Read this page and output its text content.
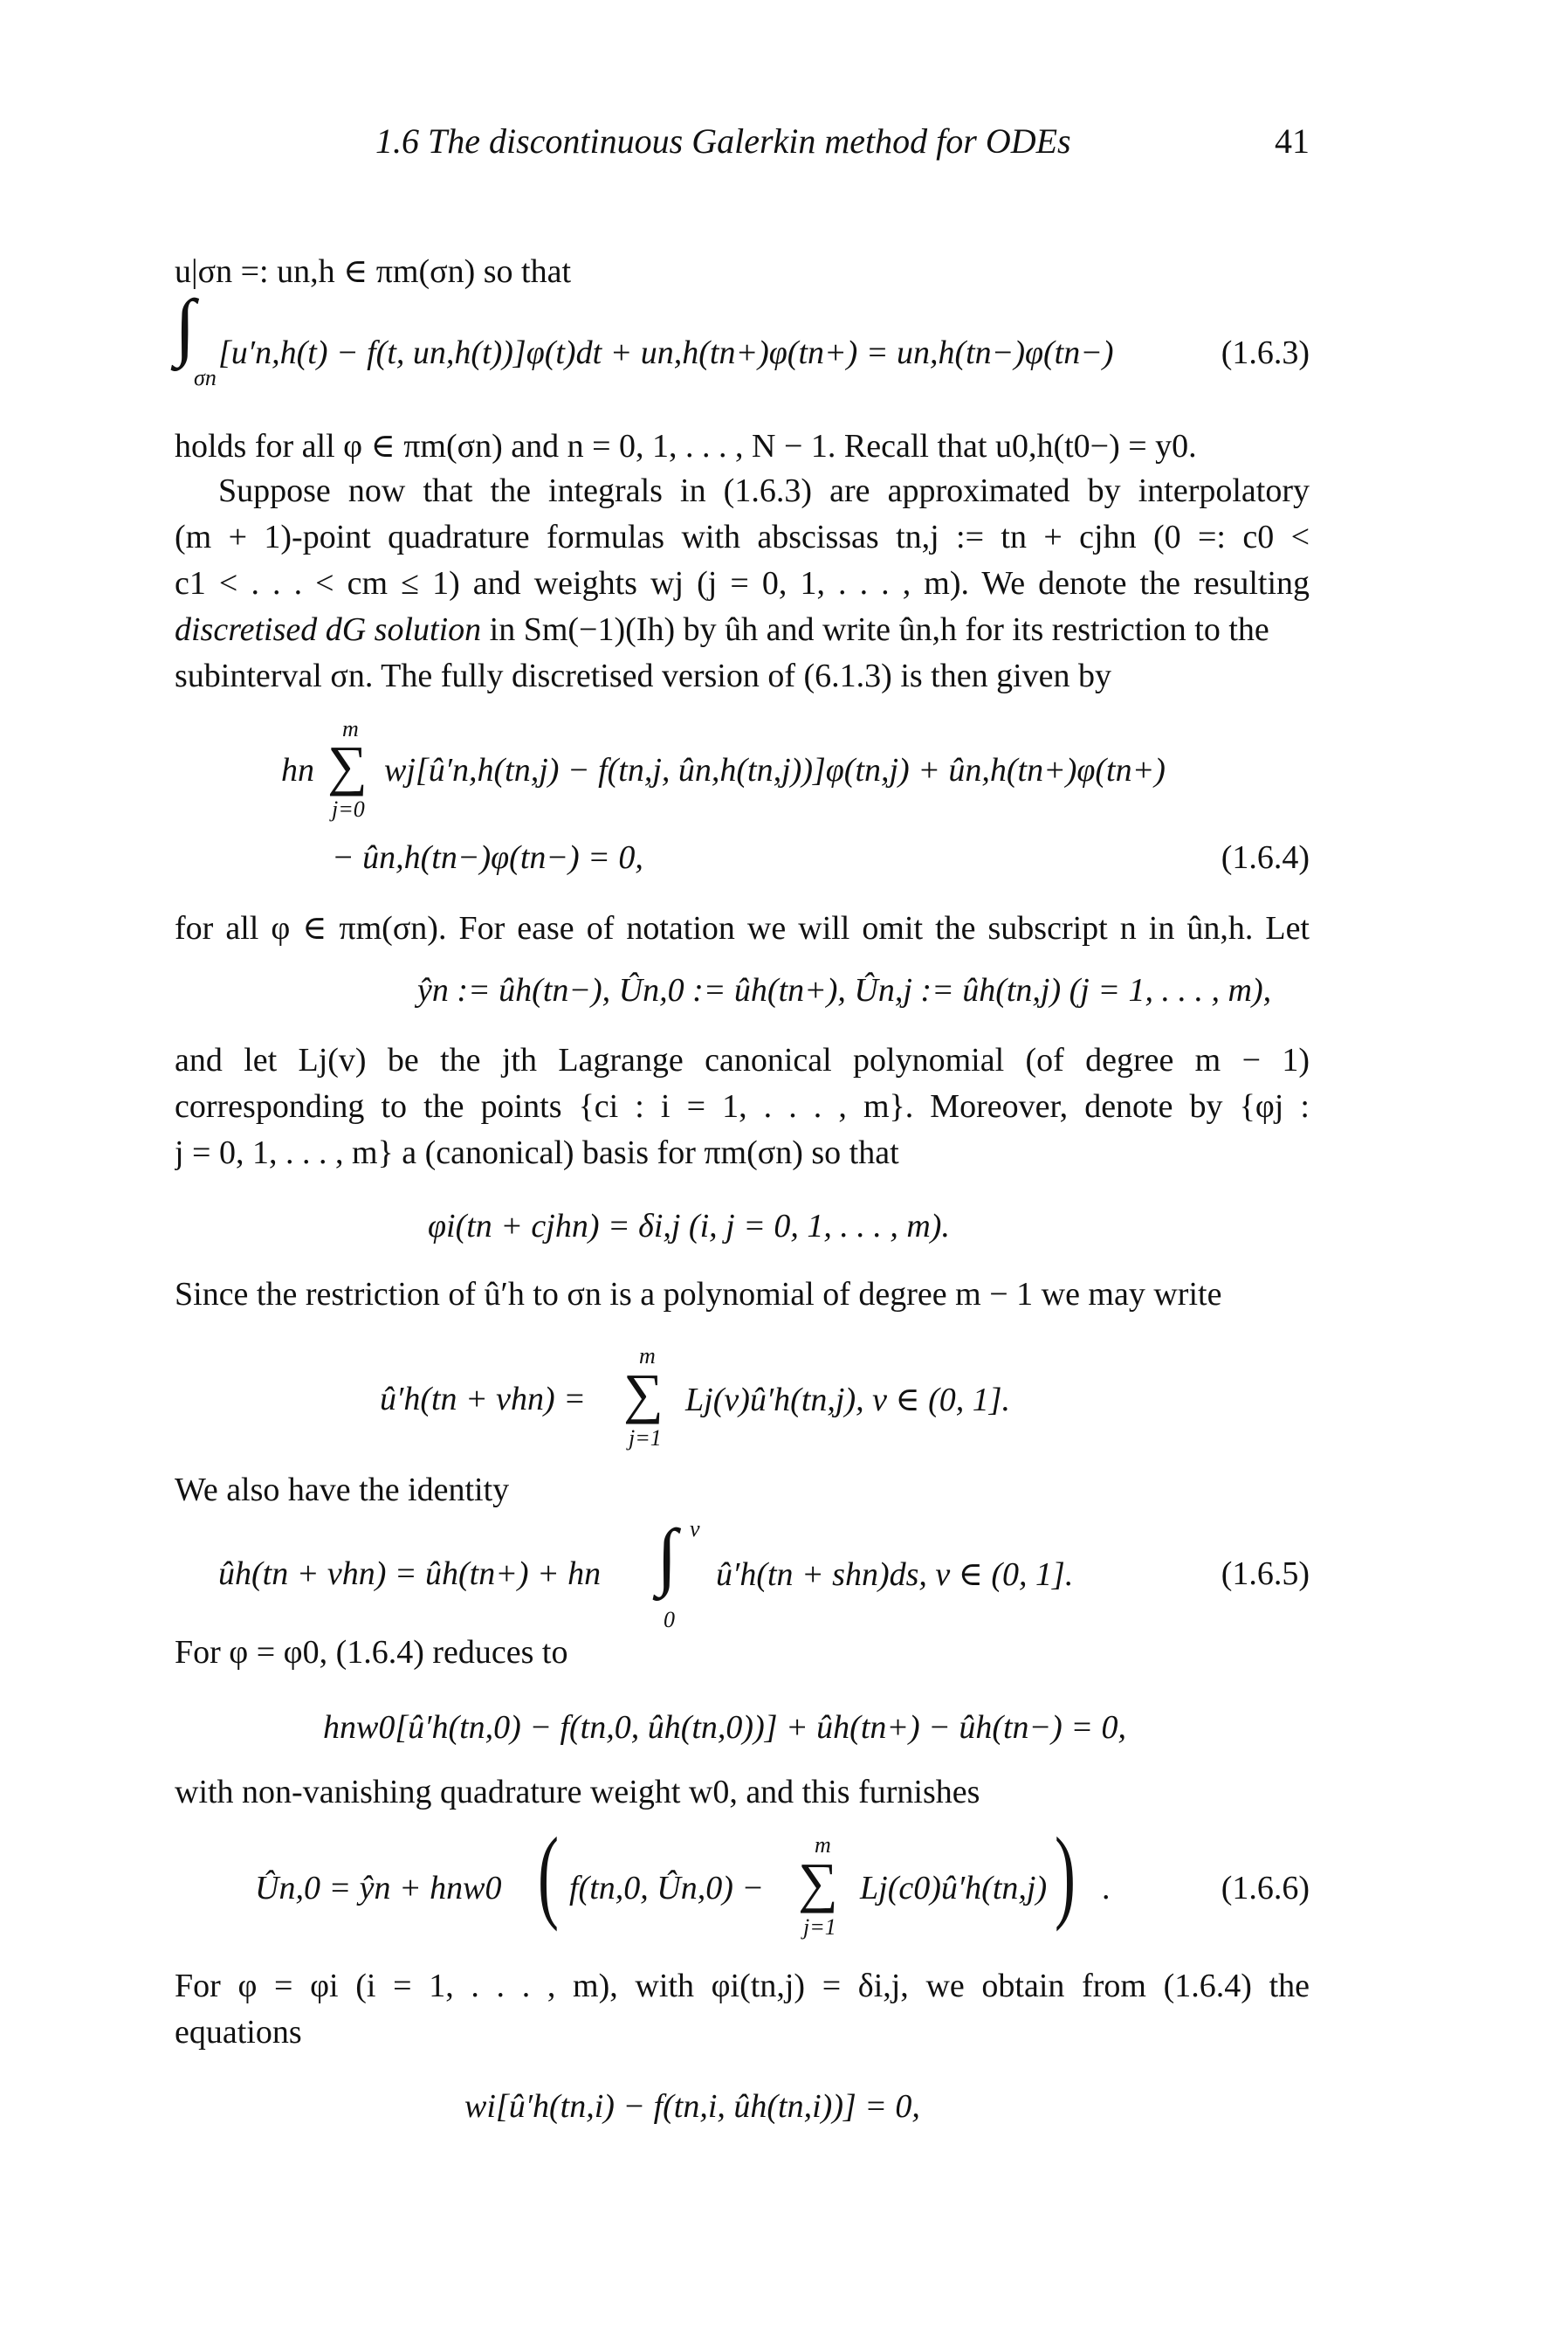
1.6 The discontinuous Galerkin method for ODEs	41
u|σn =: un,h ∈ πm(σn) so that
∫
σn
[u′n,h(t) − f(t, un,h(t))]φ(t)dt + un,h(tn+)φ(tn+) = un,h(tn−)φ(tn−)	(1.6.3)
holds for all φ ∈ πm(σn) and n = 0, 1, . . . , N − 1. Recall that u0,h(t0−) = y0.
Suppose now that the integrals in (1.6.3) are approximated by interpolatory
(m + 1)-point quadrature formulas with abscissas tn,j := tn + cjhn (0 =: c0 <
c1 < . . . < cm ≤ 1) and weights wj (j = 0, 1, . . . , m). We denote the resulting
discretised dG solution in Sm(−1)(Ih) by ûh and write ûn,h for its restriction to the
subinterval σn. The fully discretised version of (6.1.3) is then given by
m
hn ∑
j=0
wj[û′n,h(tn,j) − f(tn,j, ûn,h(tn,j))]φ(tn,j) + ûn,h(tn+)φ(tn+)
− ûn,h(tn−)φ(tn−) = 0,	(1.6.4)
for all φ ∈ πm(σn). For ease of notation we will omit the subscript n in ûn,h. Let
ŷn := ûh(tn−), Ûn,0 := ûh(tn+), Ûn,j := ûh(tn,j) (j = 1, . . . , m),
and let Lj(v) be the jth Lagrange canonical polynomial (of degree m − 1)
corresponding to the points {ci : i = 1, . . . , m}. Moreover, denote by {φj :
j = 0, 1, . . . , m} a (canonical) basis for πm(σn) so that
φi(tn + cjhn) = δi,j (i, j = 0, 1, . . . , m).
Since the restriction of û′h to σn is a polynomial of degree m − 1 we may write
û′h(tn + vhn) =
m
∑
j=1
Lj(v)û′h(tn,j), v ∈ (0, 1].
We also have the identity
ûh(tn + vhn) = ûh(tn+) + hn
v
∫
0
û′h(tn + shn)ds, v ∈ (0, 1].	(1.6.5)
For φ = φ0, (1.6.4) reduces to
hnw0[û′h(tn,0) − f(tn,0, ûh(tn,0))] + ûh(tn+) − ûh(tn−) = 0,
with non-vanishing quadrature weight w0, and this furnishes
Ûn,0 = ŷn + hnw0 ( f(tn,0, Ûn,0) −
m
∑
j=1
Lj(c0)û′h(tn,j) ) .	(1.6.6)
For φ = φi (i = 1, . . . , m), with φi(tn,j) = δi,j, we obtain from (1.6.4) the
equations
wi[û′h(tn,i) − f(tn,i, ûh(tn,i))] = 0,
